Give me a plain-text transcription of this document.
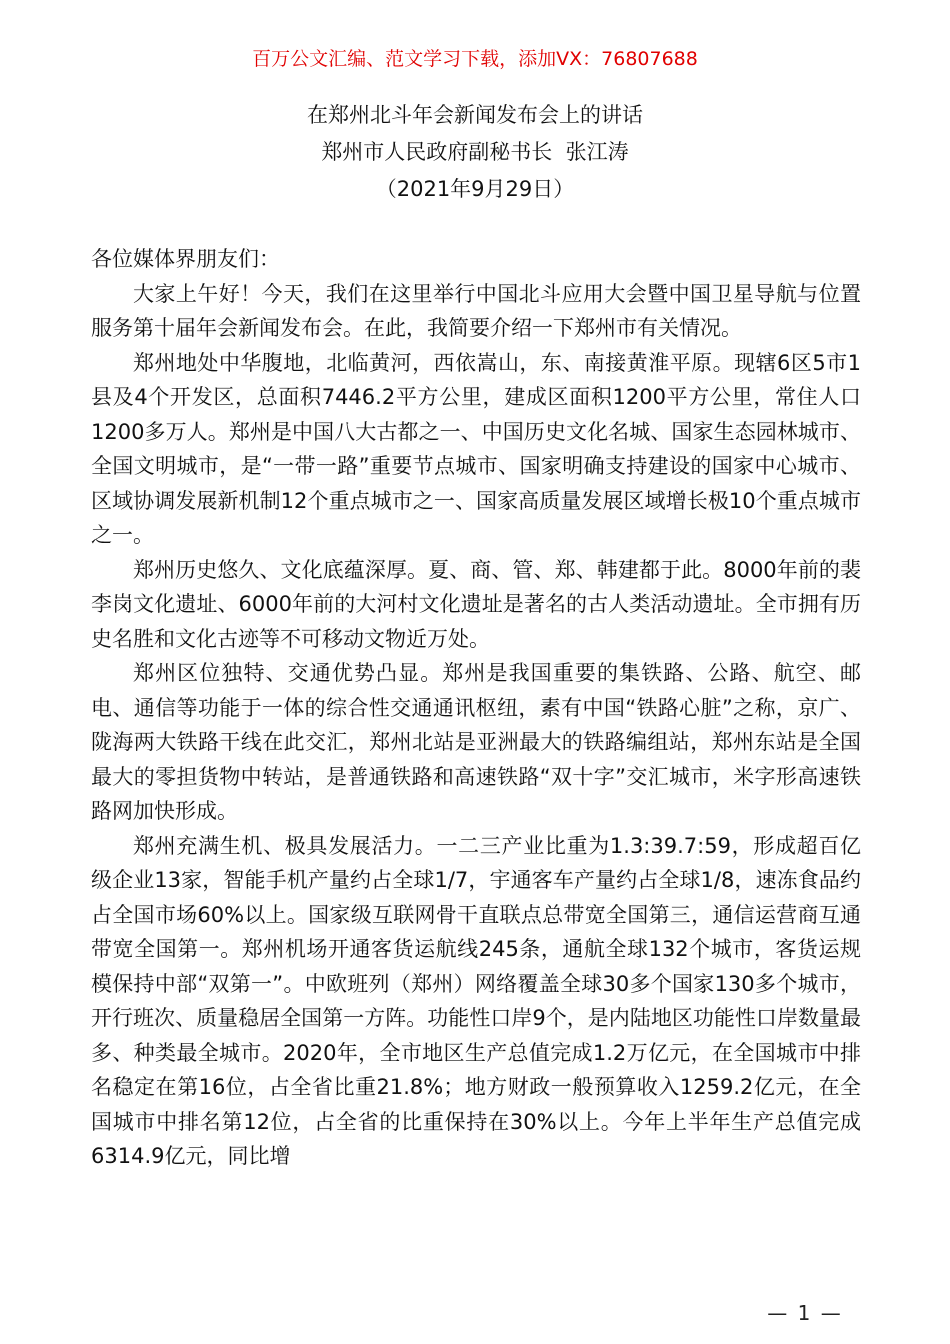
百万公文汇编、范文学习下载，添加VX：76807688
在郑州北斗年会新闻发布会上的讲话
郑州市人民政府副秘书长  张江涛
（2021年9月29日）

各位媒体界朋友们：

大家上午好！今天，我们在这里举行中国北斗应用大会暨中国卫星导航与位置服务第十届年会新闻发布会。在此，我简要介绍一下郑州市有关情况。

郑州地处中华腹地，北临黄河，西依嵩山，东、南接黄淮平原。现辖6区5市1县及4个开发区，总面积7446.2平方公里，建成区面积1200平方公里，常住人口1200多万人。郑州是中国八大古都之一、中国历史文化名城、国家生态园林城市、全国文明城市，是“一带一路”重要节点城市、国家明确支持建设的国家中心城市、区域协调发展新机制12个重点城市之一、国家高质量发展区域增长极10个重点城市之一。

郑州历史悠久、文化底蕴深厚。夏、商、管、郑、韩建都于此。8000年前的裴李岗文化遗址、6000年前的大河村文化遗址是著名的古人类活动遗址。全市拥有历史名胜和文化古迹等不可移动文物近万处。

郑州区位独特、交通优势凸显。郑州是我国重要的集铁路、公路、航空、邮电、通信等功能于一体的综合性交通通讯枢纽，素有中国“铁路心脏”之称，京广、陇海两大铁路干线在此交汇，郑州北站是亚洲最大的铁路编组站，郑州东站是全国最大的零担货物中转站，是普通铁路和高速铁路“双十字”交汇城市，米字形高速铁路网加快形成。

郑州充满生机、极具发展活力。一二三产业比重为1.3:39.7:59，形成超百亿级企业13家，智能手机产量约占全球1/7，宇通客车产量约占全球1/8，速冻食品约占全国市场60%以上。国家级互联网骨干直联点总带宽全国第三，通信运营商互通带宽全国第一。郑州机场开通客货运航线245条，通航全球132个城市，客货运规模保持中部“双第一”。中欧班列（郑州）网络覆盖全球30多个国家130多个城市，开行班次、质量稳居全国第一方阵。功能性口岸9个，是内陆地区功能性口岸数量最多、种类最全城市。2020年，全市地区生产总值完成1.2万亿元，在全国城市中排名稳定在第16位，占全省比重21.8%；地方财政一般预算收入1259.2亿元，在全国城市中排名第12位，占全省的比重保持在30%以上。今年上半年生产总值完成6314.9亿元，同比增

— 1 —
